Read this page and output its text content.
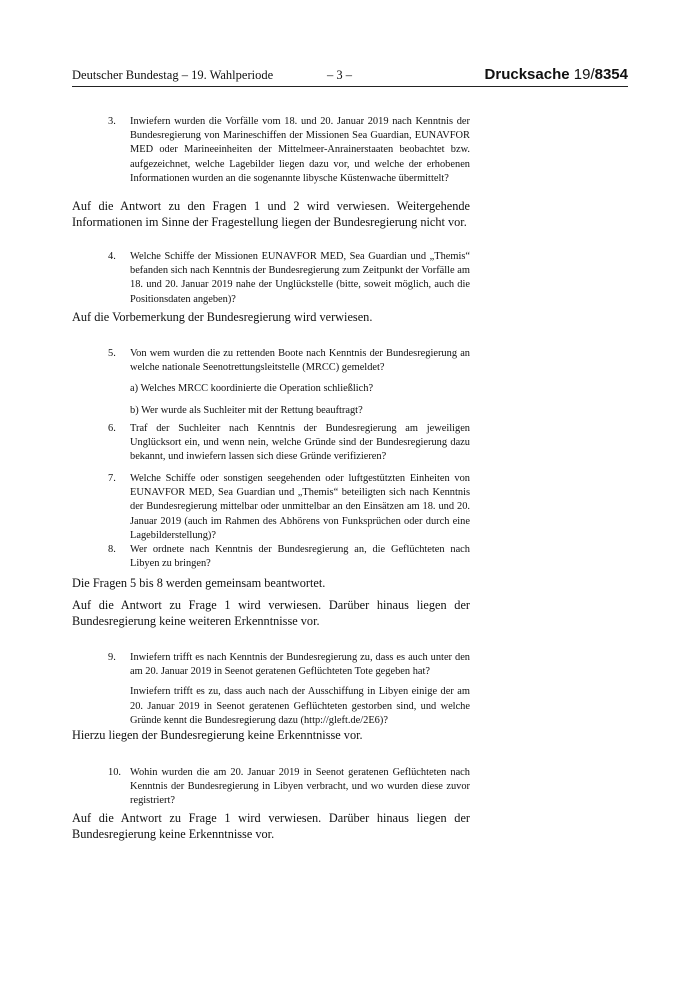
Deutscher Bundestag – 19. Wahlperiode	– 3 –	Drucksache 19/8354
3.	Inwiefern wurden die Vorfälle vom 18. und 20. Januar 2019 nach Kenntnis der Bundesregierung von Marineschiffen der Missionen Sea Guardian, EUNAVFOR MED oder Marineeinheiten der Mittelmeer-Anrainerstaaten beobachtet bzw. aufgezeichnet, welche Lagebilder liegen dazu vor, und welche der erhobenen Informationen wurden an die sogenannte libysche Küstenwache übermittelt?
Auf die Antwort zu den Fragen 1 und 2 wird verwiesen. Weitergehende Informationen im Sinne der Fragestellung liegen der Bundesregierung nicht vor.
4.	Welche Schiffe der Missionen EUNAVFOR MED, Sea Guardian und „Themis“ befanden sich nach Kenntnis der Bundesregierung zum Zeitpunkt der Vorfälle am 18. und 20. Januar 2019 nahe der Unglückstelle (bitte, soweit möglich, auch die Positionsdaten angeben)?
Auf die Vorbemerkung der Bundesregierung wird verwiesen.
5.	Von wem wurden die zu rettenden Boote nach Kenntnis der Bundesregierung an welche nationale Seenotrettungsleitstelle (MRCC) gemeldet?
a) Welches MRCC koordinierte die Operation schließlich?
b) Wer wurde als Suchleiter mit der Rettung beauftragt?
6.	Traf der Suchleiter nach Kenntnis der Bundesregierung am jeweiligen Unglücksort ein, und wenn nein, welche Gründe sind der Bundesregierung dazu bekannt, und inwiefern lassen sich diese Gründe verifizieren?
7.	Welche Schiffe oder sonstigen seegehenden oder luftgestützten Einheiten von EUNAVFOR MED, Sea Guardian und „Themis“ beteiligten sich nach Kenntnis der Bundesregierung mittelbar oder unmittelbar an den Einsätzen am 18. und 20. Januar 2019 (auch im Rahmen des Abhörens von Funksprüchen oder durch eine Lagebilderstellung)?
8.	Wer ordnete nach Kenntnis der Bundesregierung an, die Geflüchteten nach Libyen zu bringen?
Die Fragen 5 bis 8 werden gemeinsam beantwortet.
Auf die Antwort zu Frage 1 wird verwiesen. Darüber hinaus liegen der Bundesregierung keine weiteren Erkenntnisse vor.
9.	Inwiefern trifft es nach Kenntnis der Bundesregierung zu, dass es auch unter den am 20. Januar 2019 in Seenot geratenen Geflüchteten Tote gegeben hat?
Inwiefern trifft es zu, dass auch nach der Ausschiffung in Libyen einige der am 20. Januar 2019 in Seenot geratenen Geflüchteten gestorben sind, und welche Gründe kennt die Bundesregierung dazu (http://gleft.de/2E6)?
Hierzu liegen der Bundesregierung keine Erkenntnisse vor.
10. Wohin wurden die am 20. Januar 2019 in Seenot geratenen Geflüchteten nach Kenntnis der Bundesregierung in Libyen verbracht, und wo wurden diese zuvor registriert?
Auf die Antwort zu Frage 1 wird verwiesen. Darüber hinaus liegen der Bundesregierung keine Erkenntnisse vor.
